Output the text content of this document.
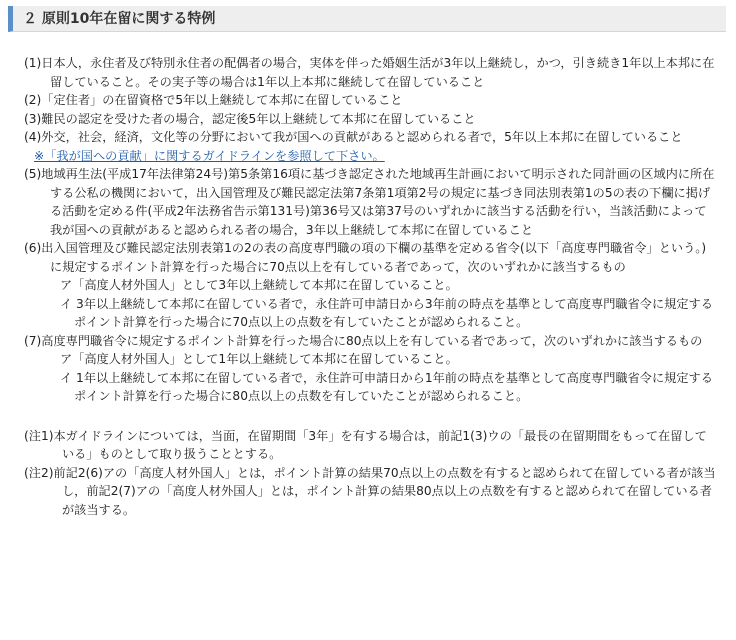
２ 原則10年在留に関する特例

(1)日本人，永住者及び特別永住者の配偶者の場合，実体を伴った婚姻生活が3年以上継続し，かつ，引き続き1年以上本邦に在留していること。その実子等の場合は1年以上本邦に継続して在留していること

(2)「定住者」の在留資格で5年以上継続して本邦に在留していること

(3)難民の認定を受けた者の場合，認定後5年以上継続して本邦に在留していること

(4)外交，社会，経済，文化等の分野において我が国への貢献があると認められる者で，5年以上本邦に在留していること

※「我が国への貢献」に関するガイドラインを参照して下さい。

(5)地域再生法(平成17年法律第24号)第5条第16項に基づき認定された地域再生計画において明示された同計画の区域内に所在する公私の機関において，出入国管理及び難民認定法第7条第1項第2号の規定に基づき同法別表第1の5の表の下欄に掲げる活動を定める件(平成2年法務省告示第131号)第36号又は第37号のいずれかに該当する活動を行い，当該活動によって我が国への貢献があると認められる者の場合，3年以上継続して本邦に在留していること

(6)出入国管理及び難民認定法別表第1の2の表の高度専門職の項の下欄の基準を定める省令(以下「高度専門職省令」という。)に規定するポイント計算を行った場合に70点以上を有している者であって，次のいずれかに該当するもの

ア「高度人材外国人」として3年以上継続して本邦に在留していること。

イ 3年以上継続して本邦に在留している者で，永住許可申請日から3年前の時点を基準として高度専門職省令に規定するポイント計算を行った場合に70点以上の点数を有していたことが認められること。

(7)高度専門職省令に規定するポイント計算を行った場合に80点以上を有している者であって，次のいずれかに該当するもの

ア「高度人材外国人」として1年以上継続して本邦に在留していること。

イ 1年以上継続して本邦に在留している者で，永住許可申請日から1年前の時点を基準として高度専門職省令に規定するポイント計算を行った場合に80点以上の点数を有していたことが認められること。

(注1)本ガイドラインについては，当面，在留期間「3年」を有する場合は，前記1(3)ウの「最長の在留期間をもって在留している」ものとして取り扱うこととする。

(注2)前記2(6)アの「高度人材外国人」とは，ポイント計算の結果70点以上の点数を有すると認められて在留している者が該当し，前記2(7)アの「高度人材外国人」とは，ポイント計算の結果80点以上の点数を有すると認められて在留している者が該当する。
